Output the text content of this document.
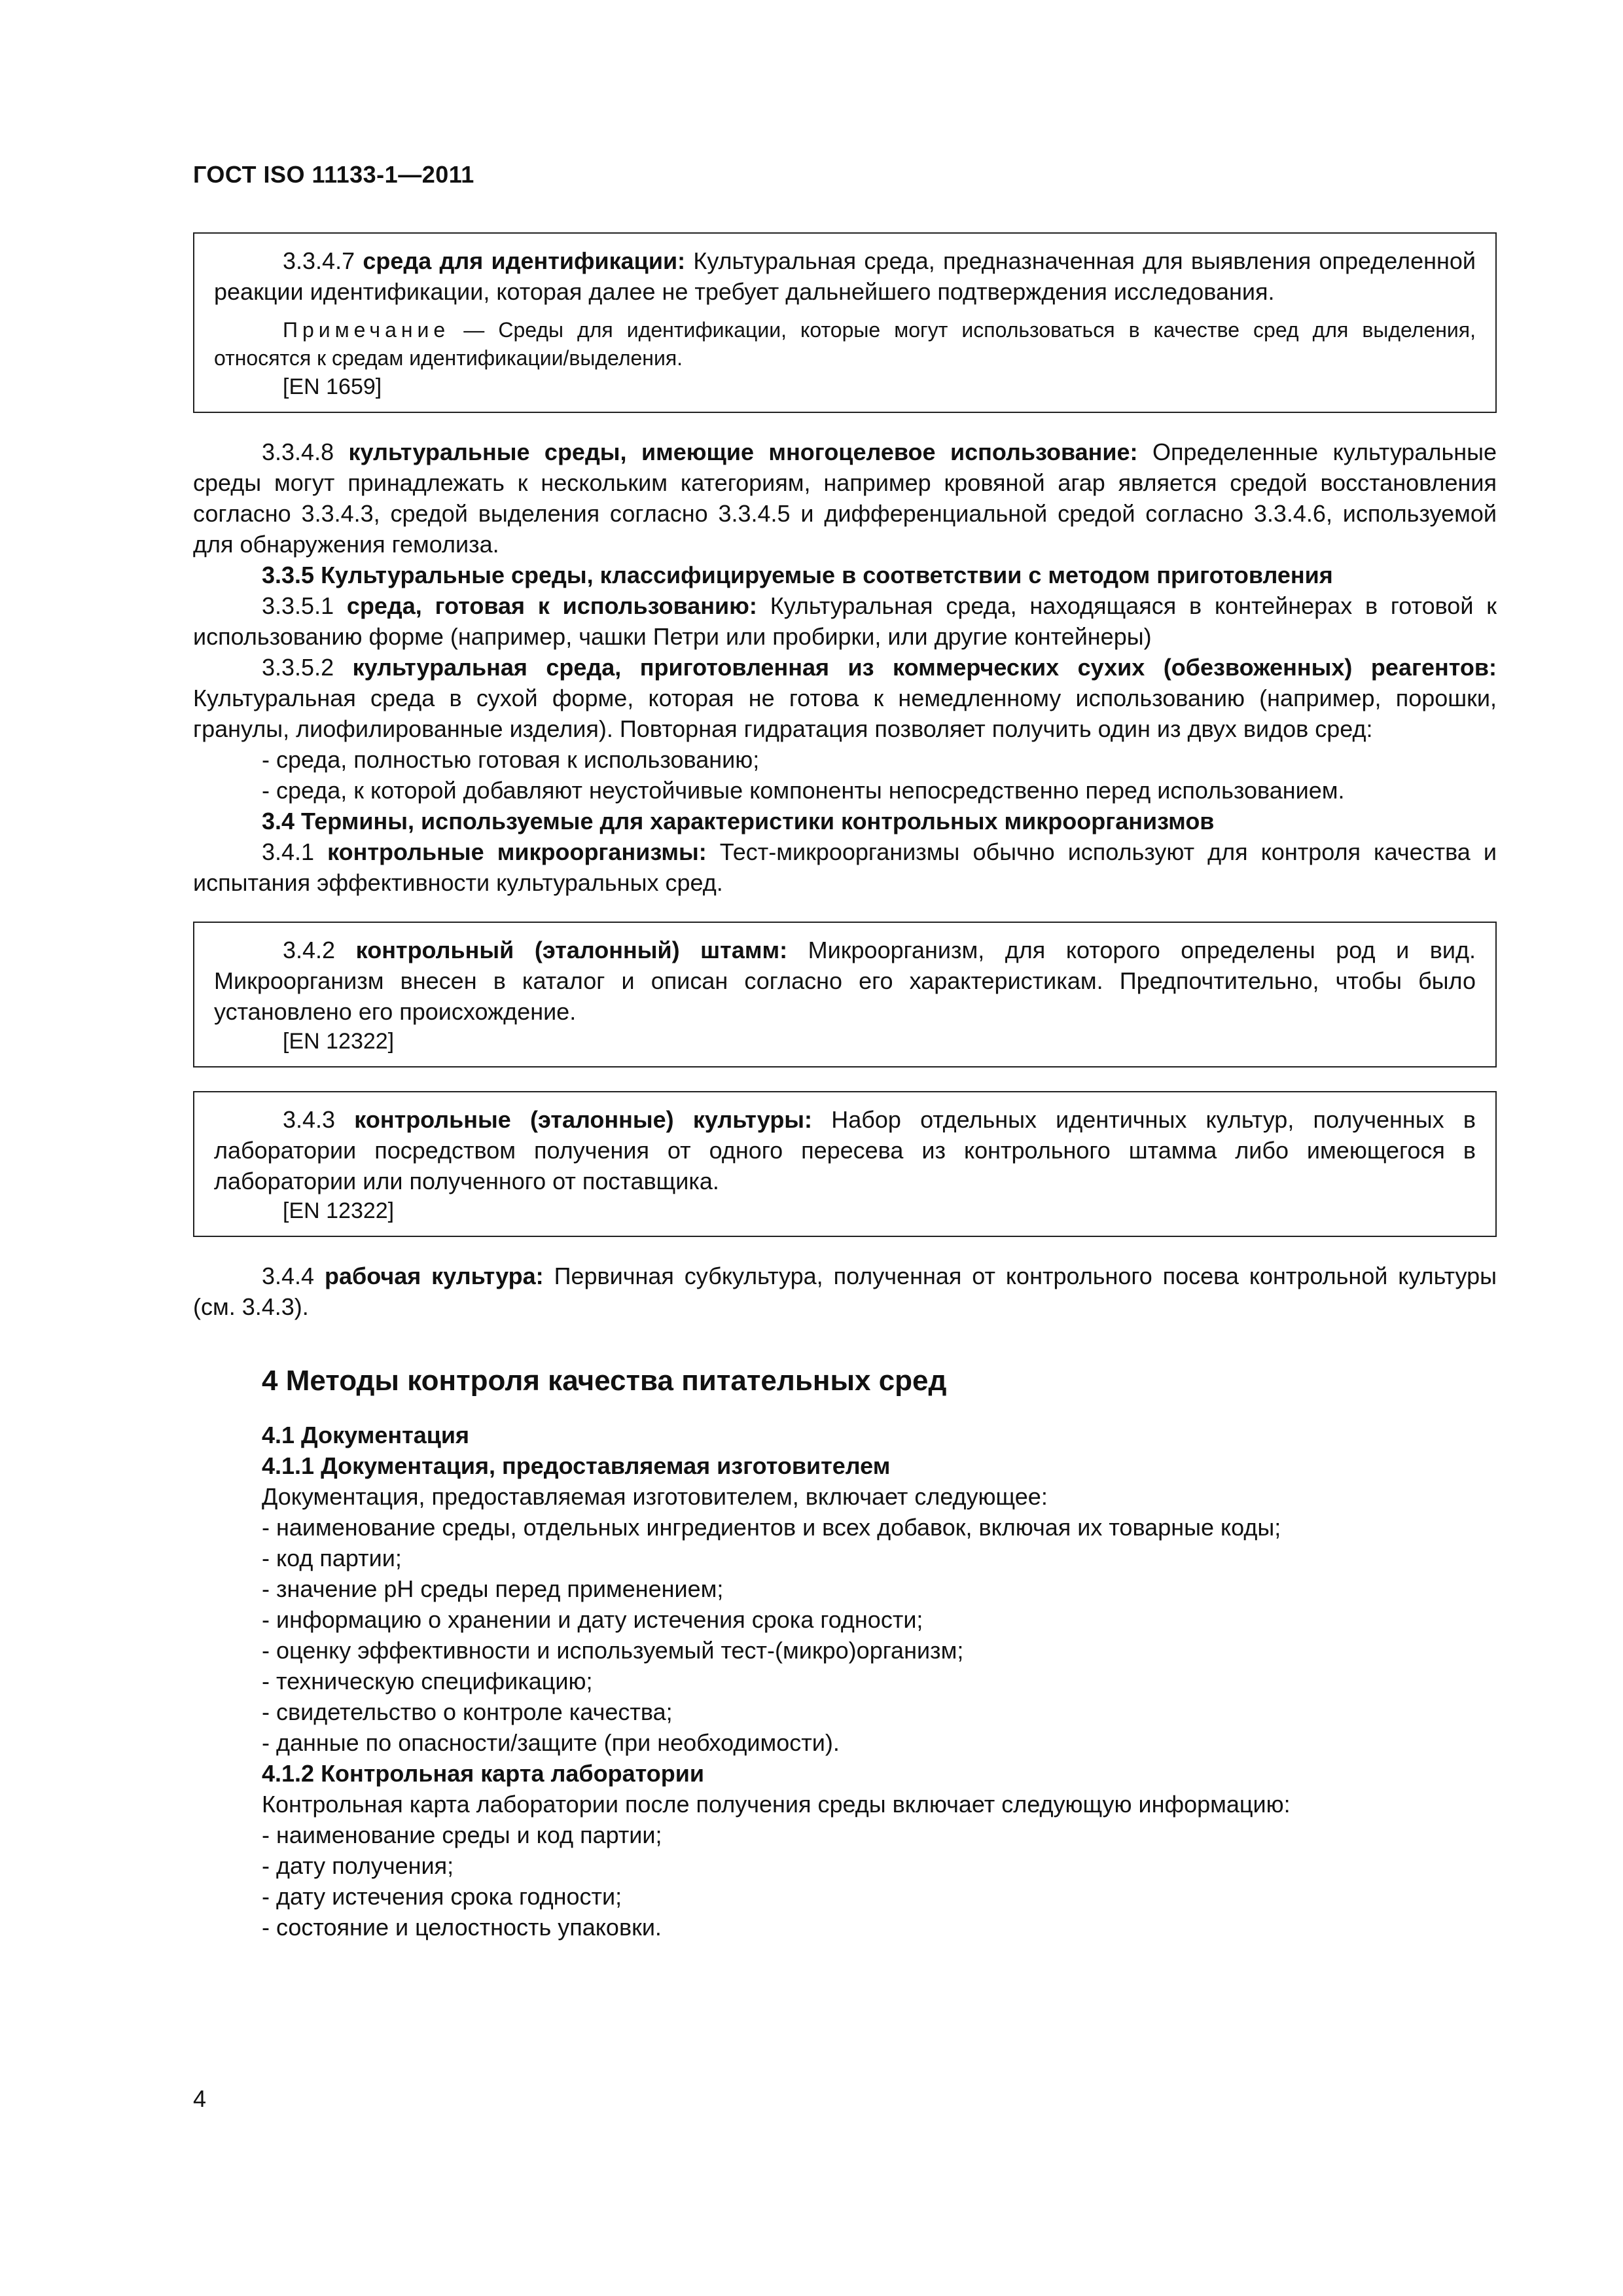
ГОСТ ISO 11133-1—2011

3.3.4.7 среда для идентификации: Культуральная среда, предназначенная для выявления определенной реакции идентификации, которая далее не требует дальнейшего подтверждения исследования.

Примечание — Среды для идентификации, которые могут использоваться в качестве сред для выделения, относятся к средам идентификации/выделения.

[EN 1659]

3.3.4.8 культуральные среды, имеющие многоцелевое использование: Определенные культуральные среды могут принадлежать к нескольким категориям, например кровяной агар является средой восстановления согласно 3.3.4.3, средой выделения согласно 3.3.4.5 и дифференциальной средой согласно 3.3.4.6, используемой для обнаружения гемолиза.

3.3.5 Культуральные среды, классифицируемые в соответствии с методом приготовления

3.3.5.1 среда, готовая к использованию: Культуральная среда, находящаяся в контейнерах в готовой к использованию форме (например, чашки Петри или пробирки, или другие контейнеры)

3.3.5.2 культуральная среда, приготовленная из коммерческих сухих (обезвоженных) реагентов: Культуральная среда в сухой форме, которая не готова к немедленному использованию (например, порошки, гранулы, лиофилированные изделия). Повторная гидратация позволяет получить один из двух видов сред:

- среда, полностью готовая к использованию;

- среда, к которой добавляют неустойчивые компоненты непосредственно перед использованием.

3.4 Термины, используемые для характеристики контрольных микроорганизмов

3.4.1 контрольные микроорганизмы: Тест-микроорганизмы обычно используют для контроля качества и испытания эффективности культуральных сред.

3.4.2 контрольный (эталонный) штамм: Микроорганизм, для которого определены род и вид. Микроорганизм внесен в каталог и описан согласно его характеристикам. Предпочтительно, чтобы было установлено его происхождение.

[EN 12322]

3.4.3 контрольные (эталонные) культуры: Набор отдельных идентичных культур, полученных в лаборатории посредством получения от одного пересева из контрольного штамма либо имеющегося в лаборатории или полученного от поставщика.

[EN 12322]

3.4.4 рабочая культура: Первичная субкультура, полученная от контрольного посева контрольной культуры (см. 3.4.3).

4 Методы контроля качества питательных сред

4.1 Документация

4.1.1 Документация, предоставляемая изготовителем

Документация, предоставляемая изготовителем, включает следующее:

- наименование среды, отдельных ингредиентов и всех добавок, включая их товарные коды;

- код партии;

- значение pH среды перед применением;

- информацию о хранении и дату истечения срока годности;

- оценку эффективности и используемый тест-(микро)организм;

- техническую спецификацию;

- свидетельство о контроле качества;

- данные по опасности/защите (при необходимости).

4.1.2 Контрольная карта лаборатории

Контрольная карта лаборатории после получения среды включает следующую информацию:

- наименование среды и код партии;

- дату получения;

- дату истечения срока годности;

- состояние и целостность упаковки.

4
